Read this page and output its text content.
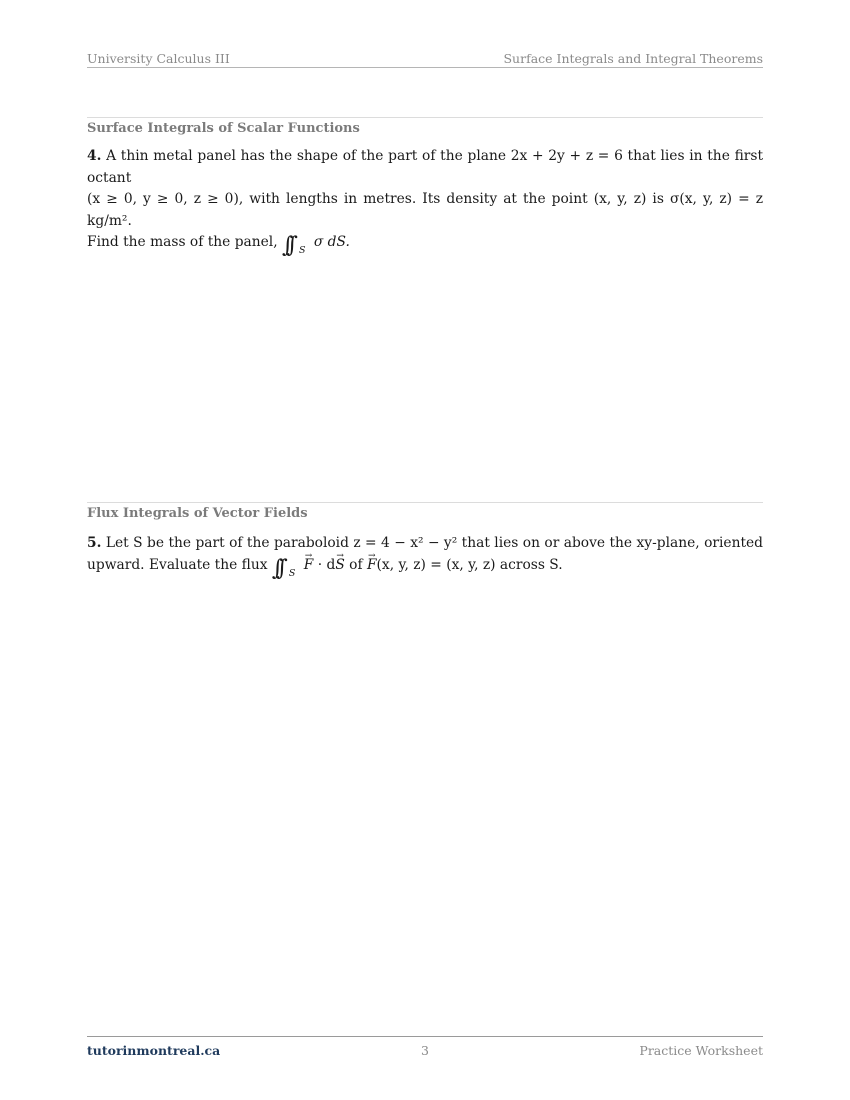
University Calculus III	Surface Integrals and Integral Theorems
Surface Integrals of Scalar Functions
4. A thin metal panel has the shape of the part of the plane 2x + 2y + z = 6 that lies in the first octant
(x ≥ 0, y ≥ 0, z ≥ 0), with lengths in metres. Its density at the point (x, y, z) is σ(x, y, z) = z kg/m².
Find the mass of the panel, ∫∫ $_S$ σ dS.
Flux Integrals of Vector Fields
5. Let S be the part of the paraboloid z = 4 − x² − y² that lies on or above the xy-plane, oriented
upward. Evaluate the flux ∫∫ $_S$ → F · d→ S of → F(x, y, z) = (x, y, z) across S.
tutorinmontreal.ca	3	Practice Worksheet
